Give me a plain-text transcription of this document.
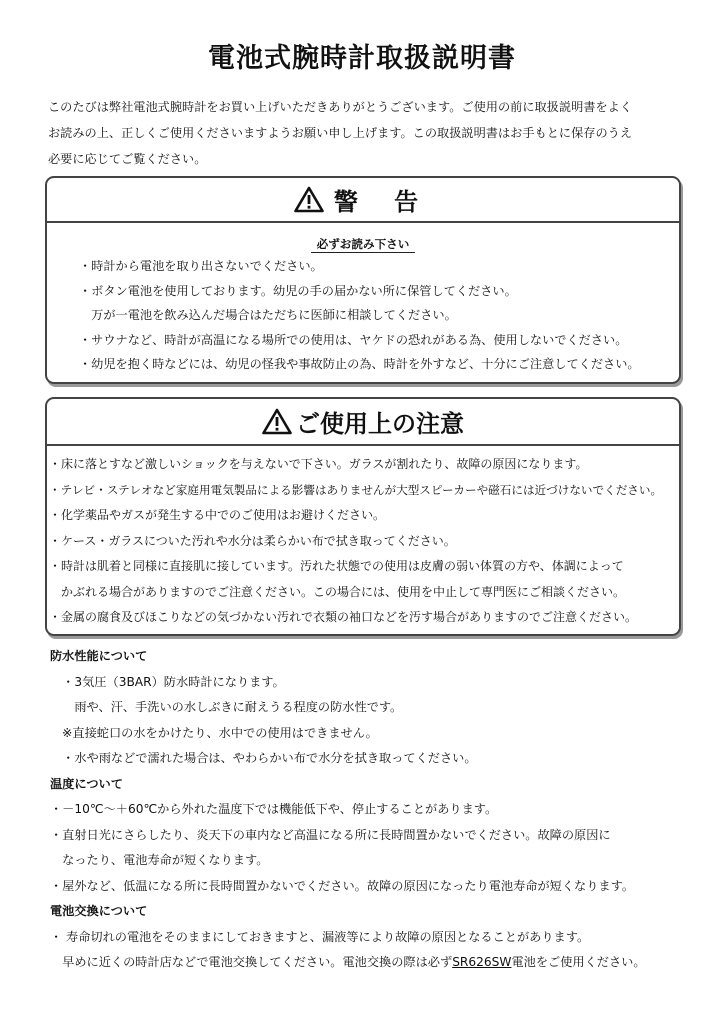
電池式腕時計取扱説明書
このたびは弊社電池式腕時計をお買い上げいただきありがとうございます。ご使用の前に取扱説明書をよく
お読みの上、正しくご使用くださいますようお願い申し上げます。この取扱説明書はお手もとに保存のうえ
必要に応じてご覧ください。
警 告
必ずお読み下さい
・時計から電池を取り出さないでください。
・ボタン電池を使用しております。幼児の手の届かない所に保管してください。
　万が一電池を飲み込んだ場合はただちに医師に相談してください。
・サウナなど、時計が高温になる場所での使用は、ヤケドの恐れがある為、使用しないでください。
・幼児を抱く時などには、幼児の怪我や事故防止の為、時計を外すなど、十分にご注意してください。
ご使用上の注意
・床に落とすなど激しいショックを与えないで下さい。ガラスが割れたり、故障の原因になります。
・テレビ・ステレオなど家庭用電気製品による影響はありませんが大型スピーカーや磁石には近づけないでください。
・化学薬品やガスが発生する中でのご使用はお避けください。
・ケース・ガラスについた汚れや水分は柔らかい布で拭き取ってください。
・時計は肌着と同様に直接肌に接しています。汚れた状態での使用は皮膚の弱い体質の方や、体調によって
　かぶれる場合がありますのでご注意ください。この場合には、使用を中止して専門医にご相談ください。
・金属の腐食及びほこりなどの気づかない汚れで衣類の袖口などを汚す場合がありますのでご注意ください。
防水性能について
　・3気圧（3BAR）防水時計になります。
　　雨や、汗、手洗いの水しぶきに耐えうる程度の防水性です。
　※直接蛇口の水をかけたり、水中での使用はできません。
　・水や雨などで濡れた場合は、やわらかい布で水分を拭き取ってください。
温度について
・－10℃～＋60℃から外れた温度下では機能低下や、停止することがあります。
・直射日光にさらしたり、炎天下の車内など高温になる所に長時間置かないでください。故障の原因に
　なったり、電池寿命が短くなります。
・屋外など、低温になる所に長時間置かないでください。故障の原因になったり電池寿命が短くなります。
電池交換について
・ 寿命切れの電池をそのままにしておきますと、漏液等により故障の原因となることがあります。
　早めに近くの時計店などで電池交換してください。電池交換の際は必ずSR626SW電池をご使用ください。
